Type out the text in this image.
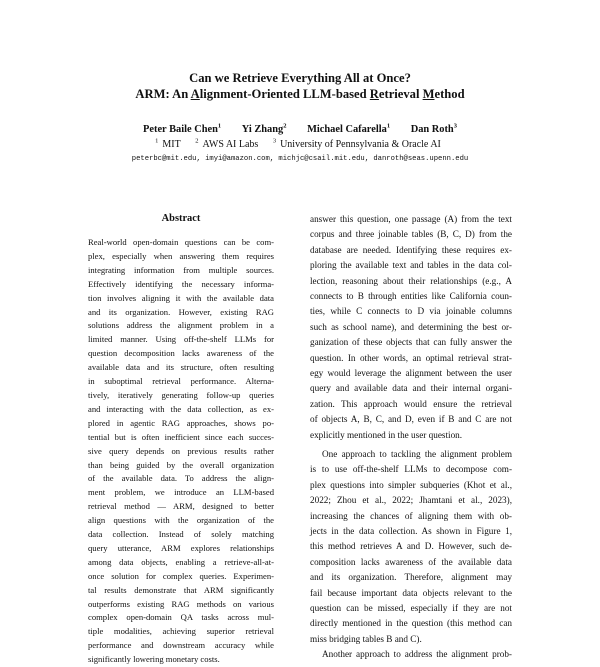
Can we Retrieve Everything All at Once?
ARM: An Alignment-Oriented LLM-based Retrieval Method
Peter Baile Chen$^1$ Yi Zhang$^2$ Michael Cafarella$^1$ Dan Roth$^3$
$^1$ MIT $^2$ AWS AI Labs $^3$ University of Pennsylvania & Oracle AI
peterbc@mit.edu, imyi@amazon.com, michjc@csail.mit.edu, danroth@seas.upenn.edu
Abstract
Real-world open-domain questions can be com-
plex, especially when answering them requires
integrating information from multiple sources.
Effectively identifying the necessary informa-
tion involves aligning it with the available data
and its organization. However, existing RAG
solutions address the alignment problem in a
limited manner. Using off-the-shelf LLMs for
question decomposition lacks awareness of the
available data and its structure, often resulting
in suboptimal retrieval performance. Alterna-
tively, iteratively generating follow-up queries
and interacting with the data collection, as ex-
plored in agentic RAG approaches, shows po-
tential but is often inefficient since each succes-
sive query depends on previous results rather
than being guided by the overall organization
of the available data. To address the align-
ment problem, we introduce an LLM-based
retrieval method — ARM, designed to better
align questions with the organization of the
data collection. Instead of solely matching
query utterance, ARM explores relationships
among data objects, enabling a retrieve-all-at-
once solution for complex queries. Experimen-
tal results demonstrate that ARM significantly
outperforms existing RAG methods on various
complex open-domain QA tasks across mul-
tiple modalities, achieving superior retrieval
performance and downstream accuracy while
significantly lowering monetary costs.
answer this question, one passage (A) from the text
corpus and three joinable tables (B, C, D) from the
database are needed. Identifying these requires ex-
ploring the available text and tables in the data col-
lection, reasoning about their relationships (e.g., A
connects to B through entities like California coun-
ties, while C connects to D via joinable columns
such as school name), and determining the best or-
ganization of these objects that can fully answer the
question. In other words, an optimal retrieval strat-
egy would leverage the alignment between the user
query and available data and their internal organi-
zation. This approach would ensure the retrieval
of objects A, B, C, and D, even if B and C are not
explicitly mentioned in the user question.
One approach to tackling the alignment problem
is to use off-the-shelf LLMs to decompose com-
plex questions into simpler subqueries (Khot et al.,
2022; Zhou et al., 2022; Jhamtani et al., 2023),
increasing the chances of aligning them with ob-
jects in the data collection. As shown in Figure 1,
this method retrieves A and D. However, such de-
composition lacks awareness of the available data
and its organization. Therefore, alignment may
fail because important data objects relevant to the
question can be missed, especially if they are not
directly mentioned in the question (this method can
miss bridging tables B and C).
Another approach to address the alignment prob-
